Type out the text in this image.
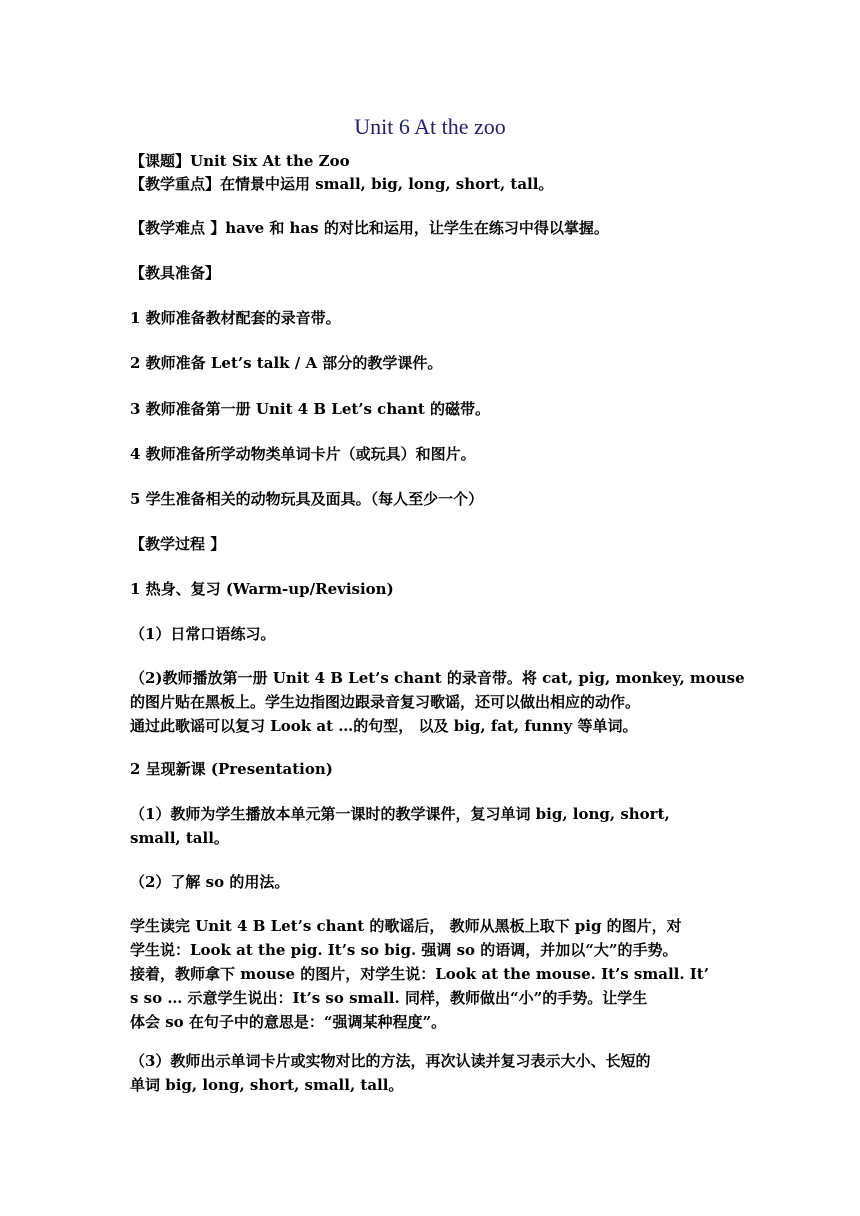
Unit 6 At the zoo

【课题】Unit Six At the Zoo

【教学重点】在情景中运用 small, big, long, short, tall。

【教学难点 】have 和 has 的对比和运用，让学生在练习中得以掌握。

【教具准备】

1 教师准备教材配套的录音带。

2 教师准备 Let’s talk / A 部分的教学课件。

3 教师准备第一册 Unit 4 B Let’s chant 的磁带。

4 教师准备所学动物类单词卡片（或玩具）和图片。

5 学生准备相关的动物玩具及面具。（每人至少一个）

【教学过程 】

1 热身、复习 (Warm-up/Revision)

（1）日常口语练习。

（2)教师播放第一册 Unit 4 B Let’s chant 的录音带。将 cat, pig, monkey, mouse
的图片贴在黑板上。学生边指图边跟录音复习歌谣，还可以做出相应的动作。
通过此歌谣可以复习 Look at …的句型， 以及 big, fat, funny 等单词。

2 呈现新课 (Presentation)

（1）教师为学生播放本单元第一课时的教学课件，复习单词 big, long, short,
small, tall。

（2）了解 so 的用法。

学生读完 Unit 4 B Let’s chant 的歌谣后， 教师从黑板上取下 pig 的图片，对
学生说：Look at the pig. It’s so big. 强调 so 的语调，并加以“大”的手势。
接着，教师拿下 mouse 的图片，对学生说：Look at the mouse. It’s small. It’
s so … 示意学生说出：It’s so small. 同样，教师做出“小”的手势。让学生
体会 so 在句子中的意思是：“强调某种程度”。
（3）教师出示单词卡片或实物对比的方法，再次认读并复习表示大小、长短的
单词 big, long, short, small, tall。
